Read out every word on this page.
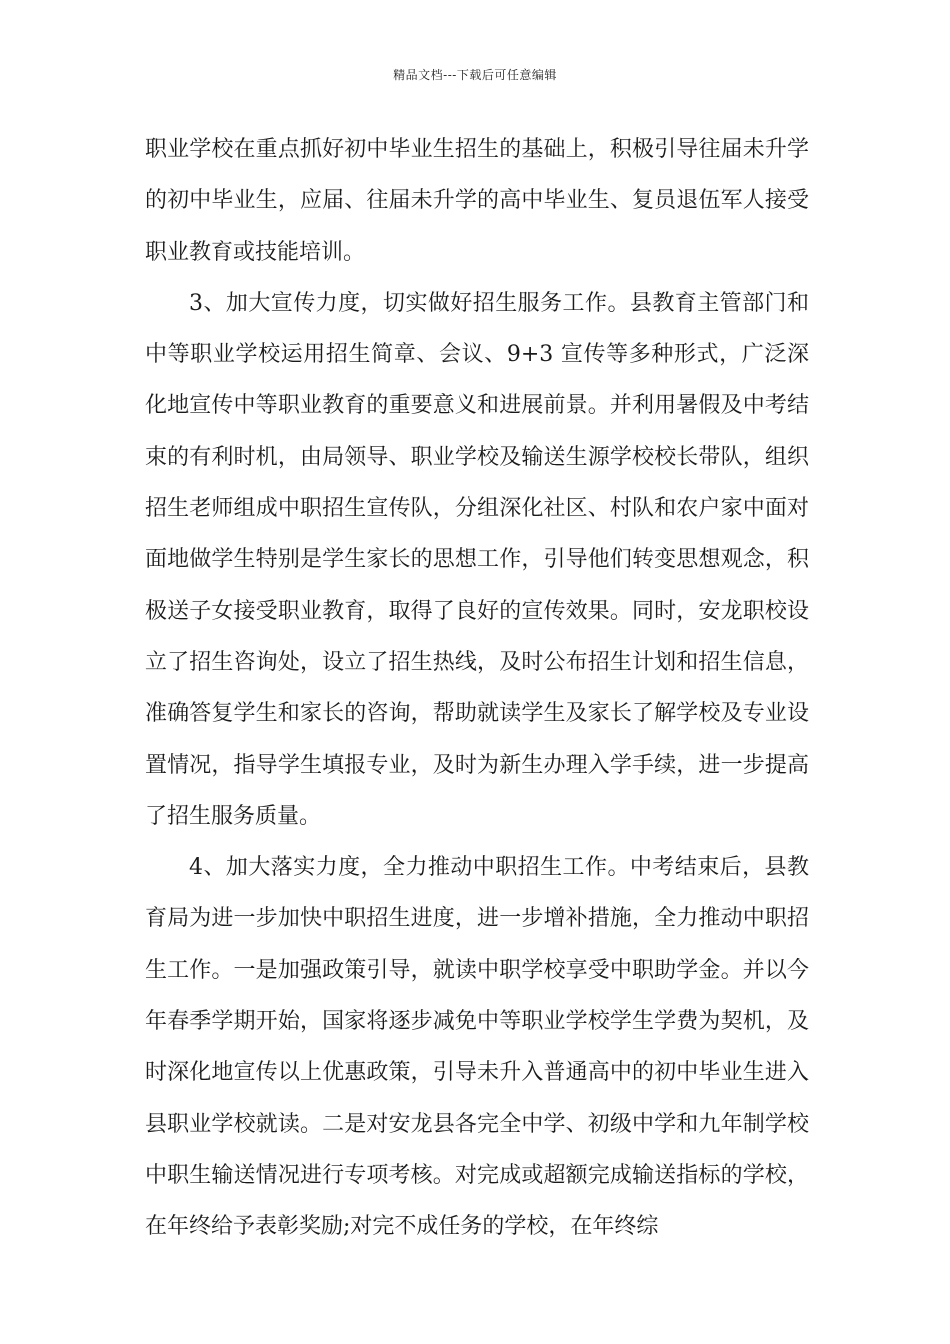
精品文档---下载后可任意编辑

职业学校在重点抓好初中毕业生招生的基础上，积极引导往届未升学的初中毕业生，应届、往届未升学的高中毕业生、复员退伍军人接受职业教育或技能培训。

3、加大宣传力度，切实做好招生服务工作。县教育主管部门和中等职业学校运用招生简章、会议、9+3 宣传等多种形式，广泛深化地宣传中等职业教育的重要意义和进展前景。并利用暑假及中考结束的有利时机，由局领导、职业学校及输送生源学校校长带队，组织招生老师组成中职招生宣传队，分组深化社区、村队和农户家中面对面地做学生特别是学生家长的思想工作，引导他们转变思想观念，积极送子女接受职业教育，取得了良好的宣传效果。同时，安龙职校设立了招生咨询处，设立了招生热线，及时公布招生计划和招生信息，准确答复学生和家长的咨询，帮助就读学生及家长了解学校及专业设置情况，指导学生填报专业，及时为新生办理入学手续，进一步提高了招生服务质量。

4、加大落实力度，全力推动中职招生工作。中考结束后，县教育局为进一步加快中职招生进度，进一步增补措施，全力推动中职招生工作。一是加强政策引导，就读中职学校享受中职助学金。并以今年春季学期开始，国家将逐步减免中等职业学校学生学费为契机，及时深化地宣传以上优惠政策，引导未升入普通高中的初中毕业生进入县职业学校就读。二是对安龙县各完全中学、初级中学和九年制学校中职生输送情况进行专项考核。对完成或超额完成输送指标的学校，在年终给予表彰奖励;对完不成任务的学校，在年终综
